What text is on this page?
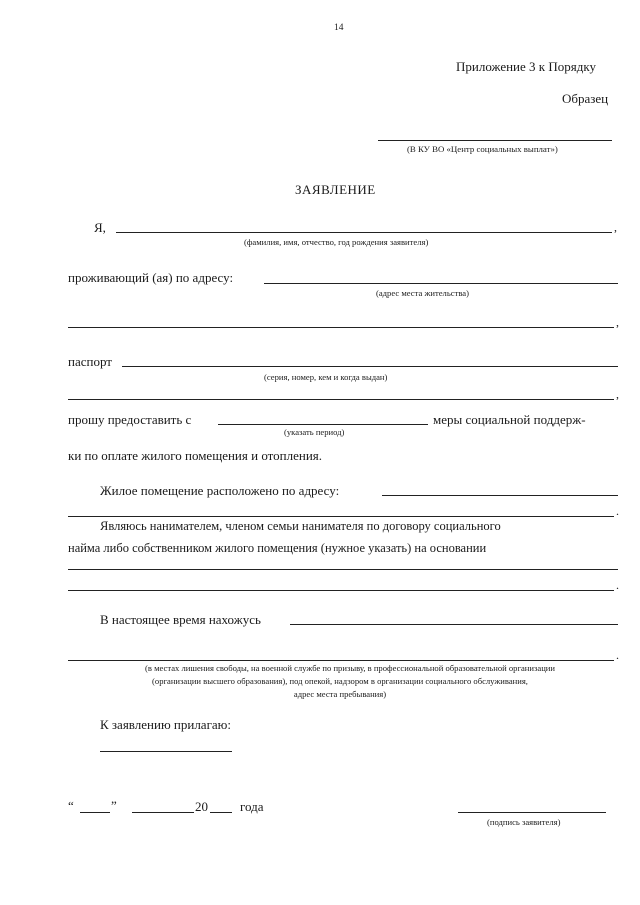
14
Приложение 3 к Порядку
Образец
(В КУ ВО «Центр социальных выплат»)
ЗАЯВЛЕНИЕ
Я,	,
(фамилия, имя, отчество, год рождения заявителя)
проживающий (ая) по адресу:
(адрес места жительства)
,
паспорт
(серия, номер, кем и когда выдан)
,
прошу предоставить с	меры социальной поддерж-
(указать период)
ки по оплате жилого помещения и отопления.
Жилое помещение расположено по адресу:
.
Являюсь нанимателем, членом семьи нанимателя по договору социального
найма либо собственником жилого помещения (нужное указать) на основании
.
В настоящее время нахожусь
.
(в местах лишения свободы, на военной службе по призыву, в профессиональной образовательной организации
(организации высшего образования), под опекой, надзором в организации социального обслуживания,
адрес места пребывания)
К заявлению прилагаю:
“	”	20 года
(подпись заявителя)
